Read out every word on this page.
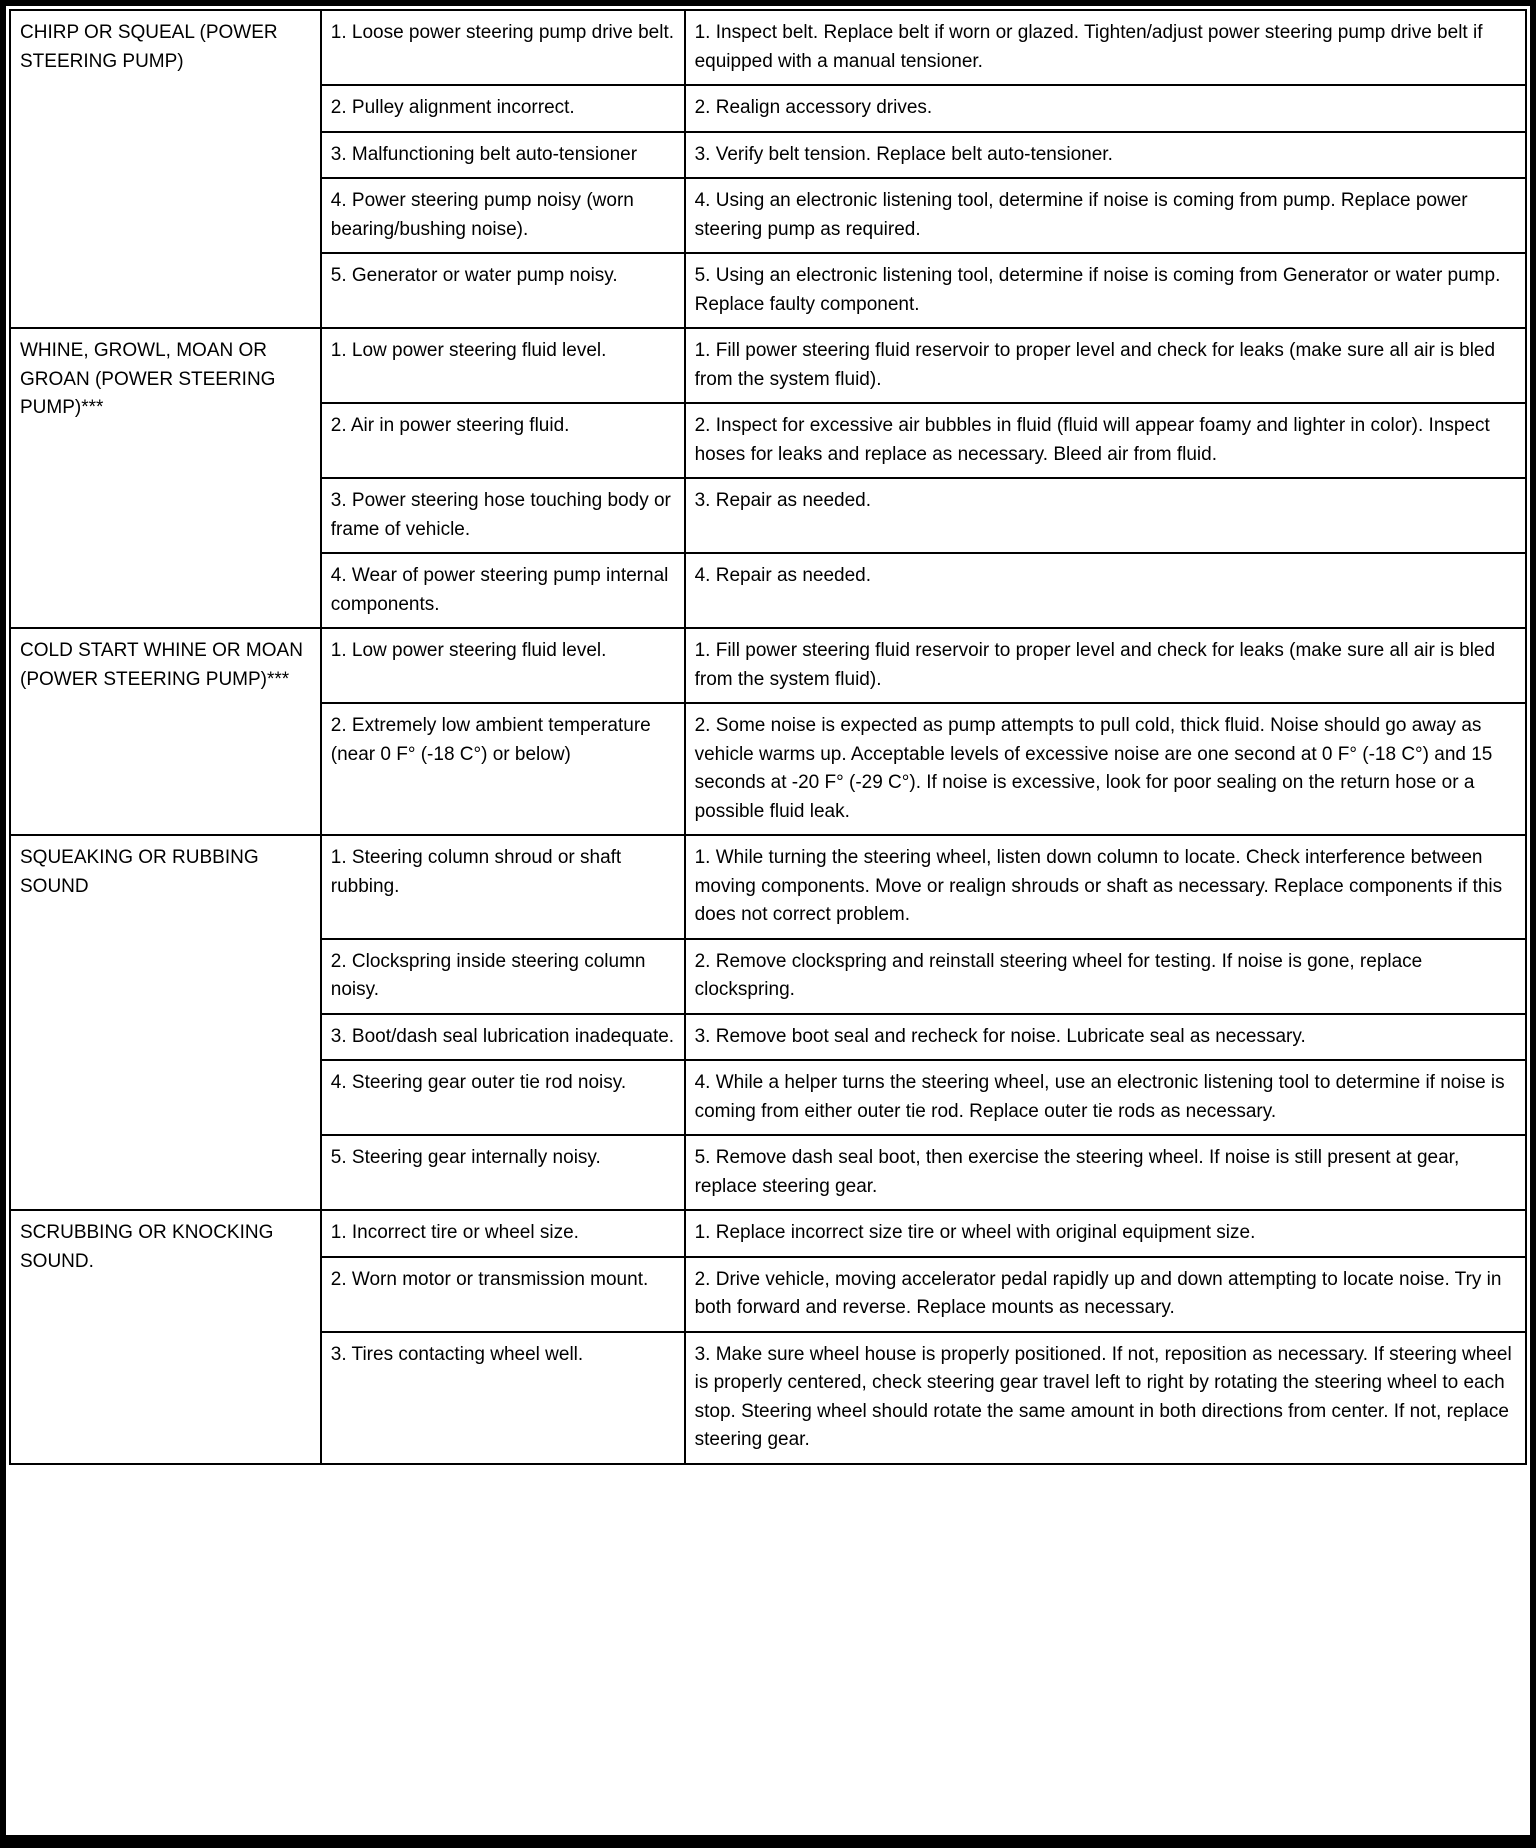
CHIRP OR SQUEAL (POWER STEERING PUMP)	1. Loose power steering pump drive belt.	1. Inspect belt. Replace belt if worn or glazed. Tighten/adjust power steering pump drive belt if equipped with a manual tensioner.
	2. Pulley alignment incorrect.	2. Realign accessory drives.
	3. Malfunctioning belt auto-tensioner	3. Verify belt tension. Replace belt auto-tensioner.
	4. Power steering pump noisy (worn bearing/bushing noise).	4. Using an electronic listening tool, determine if noise is coming from pump. Replace power steering pump as required.
	5. Generator or water pump noisy.	5. Using an electronic listening tool, determine if noise is coming from Generator or water pump. Replace faulty component.
WHINE, GROWL, MOAN OR GROAN (POWER STEERING PUMP)***	1. Low power steering fluid level.	1. Fill power steering fluid reservoir to proper level and check for leaks (make sure all air is bled from the system fluid).
	2. Air in power steering fluid.	2. Inspect for excessive air bubbles in fluid (fluid will appear foamy and lighter in color). Inspect hoses for leaks and replace as necessary. Bleed air from fluid.
	3. Power steering hose touching body or frame of vehicle.	3. Repair as needed.
	4. Wear of power steering pump internal components.	4. Repair as needed.
COLD START WHINE OR MOAN (POWER STEERING PUMP)***	1. Low power steering fluid level.	1. Fill power steering fluid reservoir to proper level and check for leaks (make sure all air is bled from the system fluid).
	2. Extremely low ambient temperature (near 0 F° (-18 C°) or below)	2. Some noise is expected as pump attempts to pull cold, thick fluid. Noise should go away as vehicle warms up. Acceptable levels of excessive noise are one second at 0 F° (-18 C°) and 15 seconds at -20 F° (-29 C°). If noise is excessive, look for poor sealing on the return hose or a possible fluid leak.
SQUEAKING OR RUBBING SOUND	1. Steering column shroud or shaft rubbing.	1. While turning the steering wheel, listen down column to locate. Check interference between moving components. Move or realign shrouds or shaft as necessary. Replace components if this does not correct problem.
	2. Clockspring inside steering column noisy.	2. Remove clockspring and reinstall steering wheel for testing. If noise is gone, replace clockspring.
	3. Boot/dash seal lubrication inadequate.	3. Remove boot seal and recheck for noise. Lubricate seal as necessary.
	4. Steering gear outer tie rod noisy.	4. While a helper turns the steering wheel, use an electronic listening tool to determine if noise is coming from either outer tie rod. Replace outer tie rods as necessary.
	5. Steering gear internally noisy.	5. Remove dash seal boot, then exercise the steering wheel. If noise is still present at gear, replace steering gear.
SCRUBBING OR KNOCKING SOUND.	1. Incorrect tire or wheel size.	1. Replace incorrect size tire or wheel with original equipment size.
	2. Worn motor or transmission mount.	2. Drive vehicle, moving accelerator pedal rapidly up and down attempting to locate noise. Try in both forward and reverse. Replace mounts as necessary.
	3. Tires contacting wheel well.	3. Make sure wheel house is properly positioned. If not, reposition as necessary. If steering wheel is properly centered, check steering gear travel left to right by rotating the steering wheel to each stop. Steering wheel should rotate the same amount in both directions from center. If not, replace steering gear.
